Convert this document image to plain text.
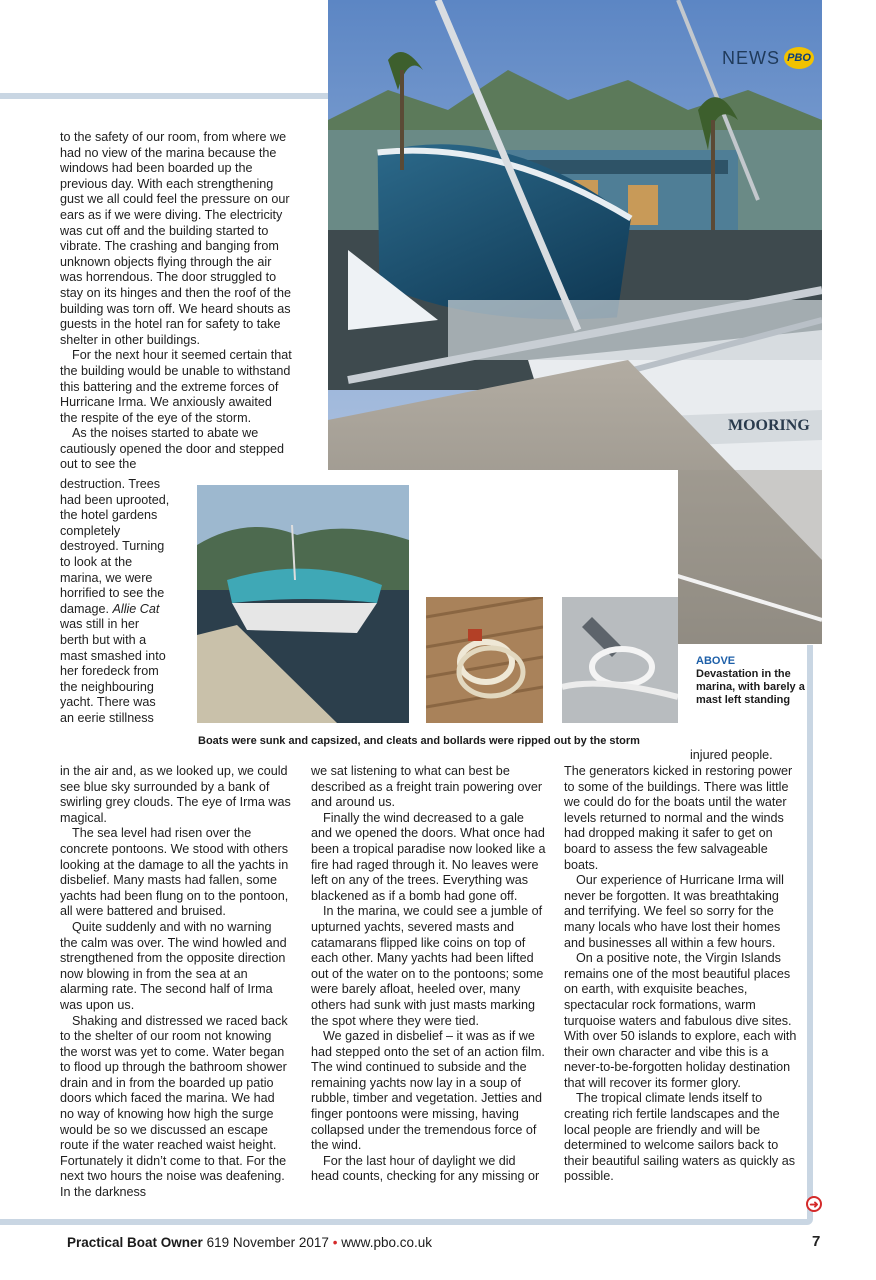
MOORING
NEWS PBO

to the safety of our room, from where we had no view of the marina because the windows had been boarded up the previous day. With each strengthening gust we all could feel the pressure on our ears as if we were diving. The electricity was cut off and the building started to vibrate. The crashing and banging from unknown objects flying through the air was horrendous. The door struggled to stay on its hinges and then the roof of the building was torn off. We heard shouts as guests in the hotel ran for safety to take shelter in other buildings.

For the next hour it seemed certain that the building would be unable to withstand this battering and the extreme forces of Hurricane Irma. We anxiously awaited the respite of the eye of the storm.

As the noises started to abate we cautiously opened the door and stepped out to see the

destruction. Trees had been uprooted, the hotel gardens completely destroyed. Turning to look at the marina, we were horrified to see the damage. Allie Cat was still in her berth but with a mast smashed into her foredeck from the neighbouring yacht. There was an eerie stillness

Boats were sunk and capsized, and cleats and bollards were ripped out by the storm
ABOVE
Devastation in the marina, with barely a mast left standing

in the air and, as we looked up, we could see blue sky surrounded by a bank of swirling grey clouds. The eye of Irma was magical.

The sea level had risen over the concrete pontoons. We stood with others looking at the damage to all the yachts in disbelief. Many masts had fallen, some yachts had been flung on to the pontoon, all were battered and bruised.

Quite suddenly and with no warning the calm was over. The wind howled and strengthened from the opposite direction now blowing in from the sea at an alarming rate. The second half of Irma was upon us.

Shaking and distressed we raced back to the shelter of our room not knowing the worst was yet to come. Water began to flood up through the bathroom shower drain and in from the boarded up patio doors which faced the marina. We had no way of knowing how high the surge would be so we discussed an escape route if the water reached waist height. Fortunately it didn’t come to that. For the next two hours the noise was deafening. In the darkness

we sat listening to what can best be described as a freight train powering over and around us.

Finally the wind decreased to a gale and we opened the doors. What once had been a tropical paradise now looked like a fire had raged through it. No leaves were left on any of the trees. Everything was blackened as if a bomb had gone off.

In the marina, we could see a jumble of upturned yachts, severed masts and catamarans flipped like coins on top of each other. Many yachts had been lifted out of the water on to the pontoons; some were barely afloat, heeled over, many others had sunk with just masts marking the spot where they were tied.

We gazed in disbelief – it was as if we had stepped onto the set of an action film. The wind continued to subside and the remaining yachts now lay in a soup of rubble, timber and vegetation. Jetties and finger pontoons were missing, having collapsed under the tremendous force of the wind.

For the last hour of daylight we did head counts, checking for any missing or

injured people.

The generators kicked in restoring power to some of the buildings. There was little we could do for the boats until the water levels returned to normal and the winds had dropped making it safer to get on board to assess the few salvageable boats.

Our experience of Hurricane Irma will never be forgotten. It was breathtaking and terrifying. We feel so sorry for the many locals who have lost their homes and businesses all within a few hours.

On a positive note, the Virgin Islands remains one of the most beautiful places on earth, with exquisite beaches, spectacular rock formations, warm turquoise waters and fabulous dive sites. With over 50 islands to explore, each with their own character and vibe this is a never-to-be-forgotten holiday destination that will recover its former glory.

The tropical climate lends itself to creating rich fertile landscapes and the local people are friendly and will be determined to welcome sailors back to their beautiful sailing waters as quickly as possible.

➜
Practical Boat Owner 619 November 2017 • www.pbo.co.uk	7
